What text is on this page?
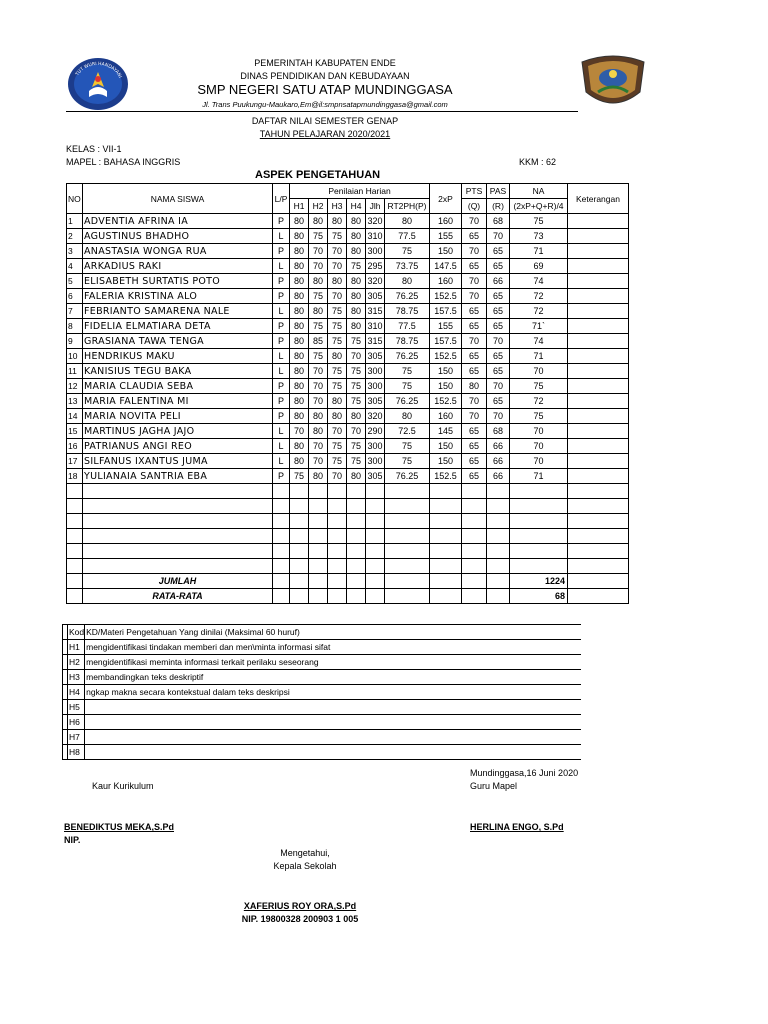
TUT WURI HANDAYANI
PEMERINTAH KABUPATEN ENDE
DINAS PENDIDIKAN DAN KEBUDAYAAN
SMP NEGERI SATU ATAP MUNDINGGASA
Jl. Trans Puukungu-Maukaro,Em@il:smpnsatapmundinggasa@gmail.com
DAFTAR NILAI SEMESTER GENAP
TAHUN PELAJARAN 2020/2021
KELAS : VII-1
MAPEL : BAHASA INGGRIS	KKM : 62
ASPEK PENGETAHUAN
NO	NAMA SISWA	L/P	Penilaian Harian						2xP	PTS	PAS	NA	Keterangan
			H1	H2	H3	H4	Jlh	RT2PH(P)		(Q)	(R)	(2xP+Q+R)/4	
1	ADVENTIA AFRINA IA	P	80	80	80	80	320	80	160	70	68	75	
2	AGUSTINUS BHADHO	L	80	75	75	80	310	77.5	155	65	70	73	
3	ANASTASIA WONGA RUA	P	80	70	70	80	300	75	150	70	65	71	
4	ARKADIUS RAKI	L	80	70	70	75	295	73.75	147.5	65	65	69	
5	ELISABETH SURTATIS POTO	P	80	80	80	80	320	80	160	70	66	74	
6	FALERIA KRISTINA ALO	P	80	75	70	80	305	76.25	152.5	70	65	72	
7	FEBRIANTO SAMARENA NALE	L	80	80	75	80	315	78.75	157.5	65	65	72	
8	FIDELIA ELMATIARA DETA	P	80	75	75	80	310	77.5	155	65	65	71`	
9	GRASIANA TAWA TENGA	P	80	85	75	75	315	78.75	157.5	70	70	74	
10	HENDRIKUS MAKU	L	80	75	80	70	305	76.25	152.5	65	65	71	
11	KANISIUS TEGU BAKA	L	80	70	75	75	300	75	150	65	65	70	
12	MARIA CLAUDIA SEBA	P	80	70	75	75	300	75	150	80	70	75	
13	MARIA FALENTINA MI	P	80	70	80	75	305	76.25	152.5	70	65	72	
14	MARIA NOVITA PELI	P	80	80	80	80	320	80	160	70	70	75	
15	MARTINUS JAGHA JAJO	L	70	80	70	70	290	72.5	145	65	68	70	
16	PATRIANUS ANGI REO	L	80	70	75	75	300	75	150	65	66	70	
17	SILFANUS IXANTUS JUMA	L	80	70	75	75	300	75	150	65	66	70	
18	YULIANAIA SANTRIA EBA	P	75	80	70	80	305	76.25	152.5	65	66	71	

	JUMLAH											1224	
	RATA-RATA											68	
	Kod	KD/Materi Pengetahuan Yang dinilai (Maksimal 60 huruf)
	H1	mengidentifikasi tindakan memberi dan men\minta informasi sifat
	H2	mengidentifikasi meminta informasi terkait perilaku seseorang
	H3	membandingkan teks deskriptif
	H4	ngkap makna secara kontekstual dalam teks deskripsi
	H5	
	H6	
	H7	
	H8	
Mundinggasa,16 Juni 2020
Kaur Kurikulum	Guru Mapel
BENEDIKTUS MEKA,S.Pd
NIP.
HERLINA ENGO, S.Pd
Mengetahui,
Kepala Sekolah
XAFERIUS ROY ORA,S.Pd
NIP. 19800328 200903 1 005
